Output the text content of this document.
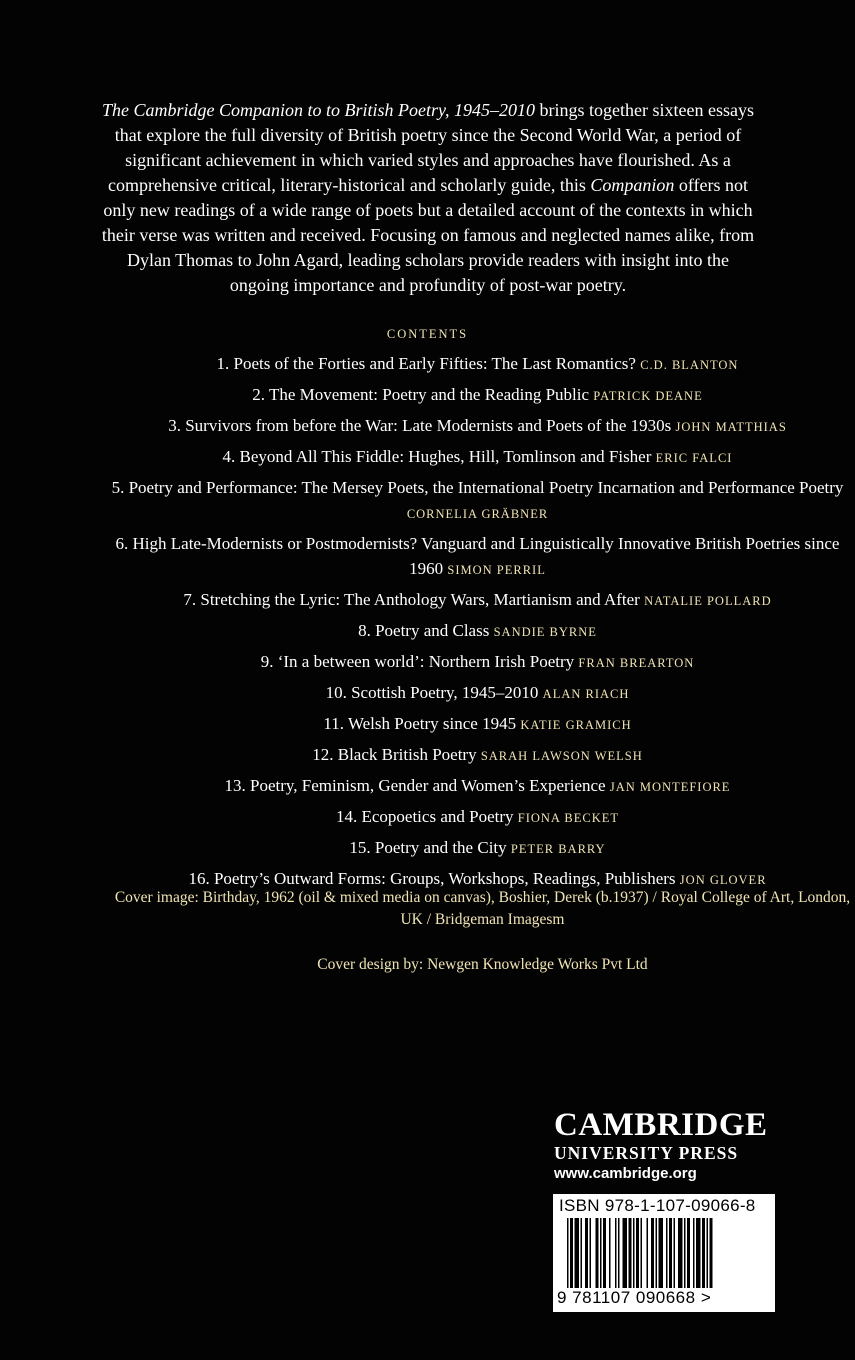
The Cambridge Companion to to British Poetry, 1945–2010 brings together sixteen essays that explore the full diversity of British poetry since the Second World War, a period of significant achievement in which varied styles and approaches have flourished. As a comprehensive critical, literary-historical and scholarly guide, this Companion offers not only new readings of a wide range of poets but a detailed account of the contexts in which their verse was written and received. Focusing on famous and neglected names alike, from Dylan Thomas to John Agard, leading scholars provide readers with insight into the ongoing importance and profundity of post-war poetry.
CONTENTS

1. Poets of the Forties and Early Fifties: The Last Romantics? C.D. BLANTON

2. The Movement: Poetry and the Reading Public PATRICK DEANE

3. Survivors from before the War: Late Modernists and Poets of the 1930s JOHN MATTHIAS

4. Beyond All This Fiddle: Hughes, Hill, Tomlinson and Fisher ERIC FALCI

5. Poetry and Performance: The Mersey Poets, the International Poetry Incarnation and Performance Poetry CORNELIA GRÄBNER

6. High Late-Modernists or Postmodernists? Vanguard and Linguistically Innovative British Poetries since 1960 SIMON PERRIL

7. Stretching the Lyric: The Anthology Wars, Martianism and After NATALIE POLLARD

8. Poetry and Class SANDIE BYRNE

9. ‘In a between world’: Northern Irish Poetry FRAN BREARTON

10. Scottish Poetry, 1945–2010 ALAN RIACH

11. Welsh Poetry since 1945 KATIE GRAMICH

12. Black British Poetry SARAH LAWSON WELSH

13. Poetry, Feminism, Gender and Women’s Experience JAN MONTEFIORE

14. Ecopoetics and Poetry FIONA BECKET

15. Poetry and the City PETER BARRY

16. Poetry’s Outward Forms: Groups, Workshops, Readings, Publishers JON GLOVER

Cover image: Birthday, 1962 (oil & mixed media on canvas), Boshier, Derek (b.1937) / Royal College of Art, London, UK / Bridgeman Imagesm
Cover design by: Newgen Knowledge Works Pvt Ltd
CAMBRIDGE
UNIVERSITY PRESS
www.cambridge.org
ISBN 978-1-107-09066-8
9 781107 090668 >
